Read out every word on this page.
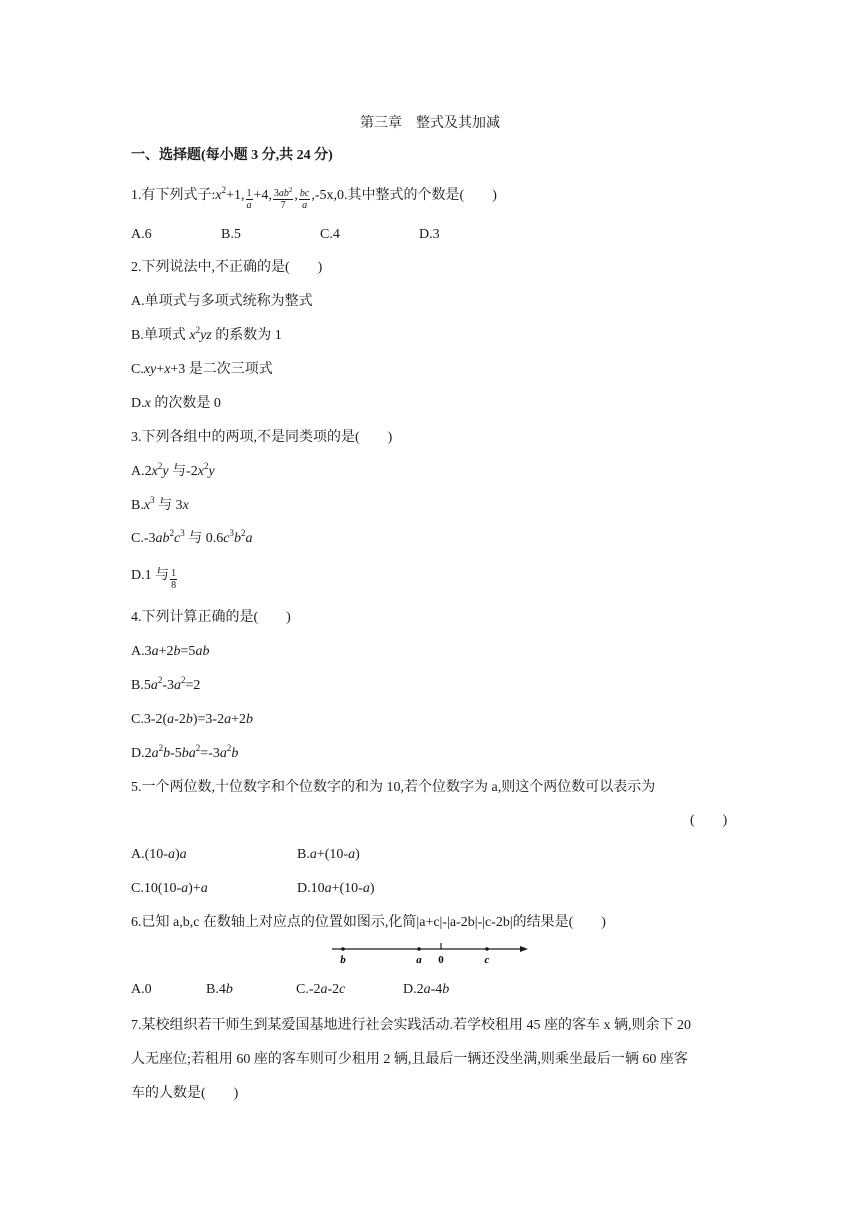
第三章　整式及其加减
一、选择题(每小题 3 分,共 24 分)
1.有下列式子$:x^2+1$, $\frac{1}{a} +4$, $\frac{3ab^2}{7}$ , $\frac{bc}{a} ,-5x,0$.其中整式的个数是(　　)
A.6	B.5	C.4	D.3
2.下列说法中,不正确的是(　　)
A.单项式与多项式统称为整式
B.单项式 $x^2yz$ 的系数为 1
C.xy+x+3 是二次三项式
D.x 的次数是 0
3.下列各组中的两项,不是同类项的是(　　)
$A.2x^2y$ 与$-2x^2y$
$B.x^3$ 与 3x
$C.-3ab^2c^3$ 与 $0.6c^3b^2a$
D.1 与 $\frac{1}{8}$
4.下列计算正确的是(　　)
A.3a+2b=5ab
$B.5a^2-3a^2=2$
C.3-2(a-2b)=3-2a+2b
$D.2a^2b-5ba^2=-3a^2b$
5.一个两位数,十位数字和个位数字的和为 10,若个位数字为 a,则这个两位数可以表示为
(　　)
A.(10-a)a	B.a+(10-a)
C.10(10-a)+a	D.10a+(10-a)
6.已知 a,b,c 在数轴上对应点的位置如图示,化简|a+c|-|a-2b|-|c-2b|的结果是(　　)
b	a 0	c
A.0	B.4b	C.-2a-2c	D.2a-4b
7.某校组织若干师生到某爱国基地进行社会实践活动.若学校租用 45 座的客车 x 辆,则余下 20
人无座位;若租用 60 座的客车则可少租用 2 辆,且最后一辆还没坐满,则乘坐最后一辆 60 座客
车的人数是(　　)
